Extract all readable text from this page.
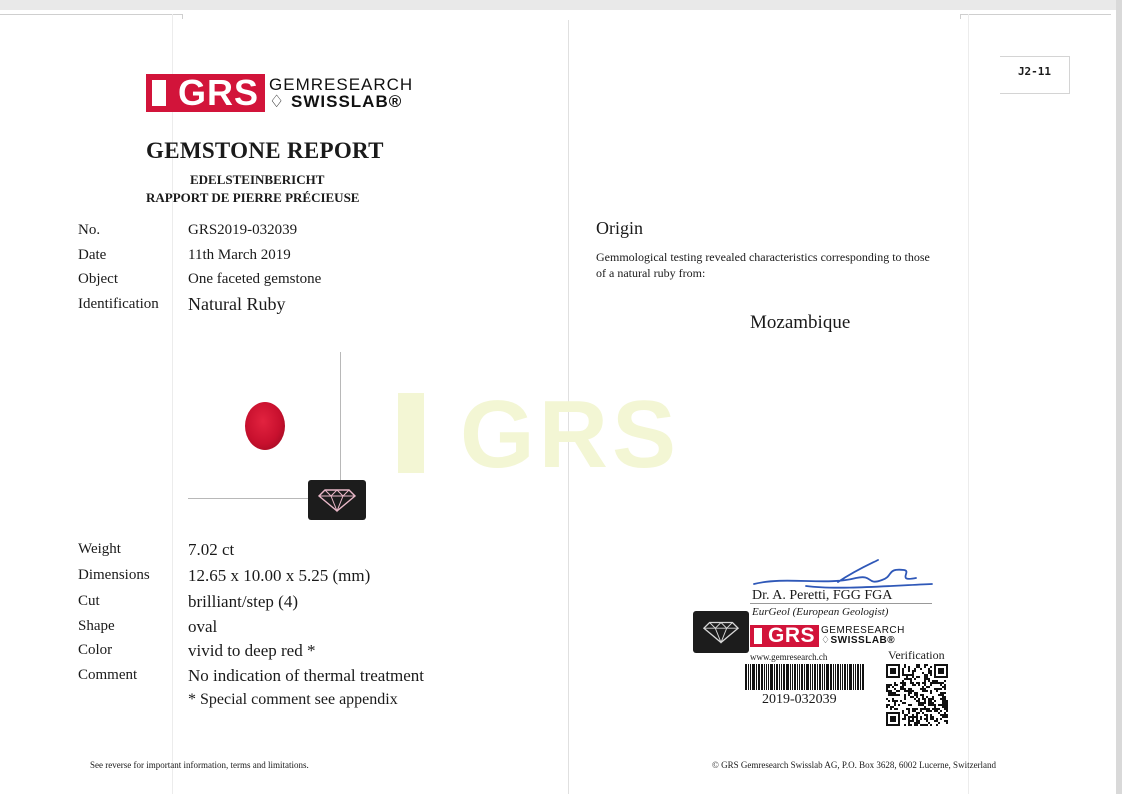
GRS
GRS GEMRESEARCH
♢ SWISSLAB®
GEMSTONE REPORT
EDELSTEINBERICHT
RAPPORT DE PIERRE PRÉCIEUSE
No.	GRS2019-032039
Date	11th March 2019
Object	One faceted gemstone
Identification Natural Ruby
Weight	7.02 ct
Dimensions 12.65 x 10.00 x 5.25 (mm)
Cut	brilliant/step (4)
Shape	oval
Color	vivid to deep red *
Comment	No indication of thermal treatment
* Special comment see appendix
J2-11
Origin
Gemmological testing revealed characteristics corresponding to those
of a natural ruby from:
Mozambique
Dr. A. Peretti, FGG FGA
EurGeol (European Geologist)
GRS GEMRESEARCH
♢SWISSLAB®
www.gemresearch.ch	Verification
2019-032039
See reverse for important information, terms and limitations.	© GRS Gemresearch Swisslab AG, P.O. Box 3628, 6002 Lucerne, Switzerland
